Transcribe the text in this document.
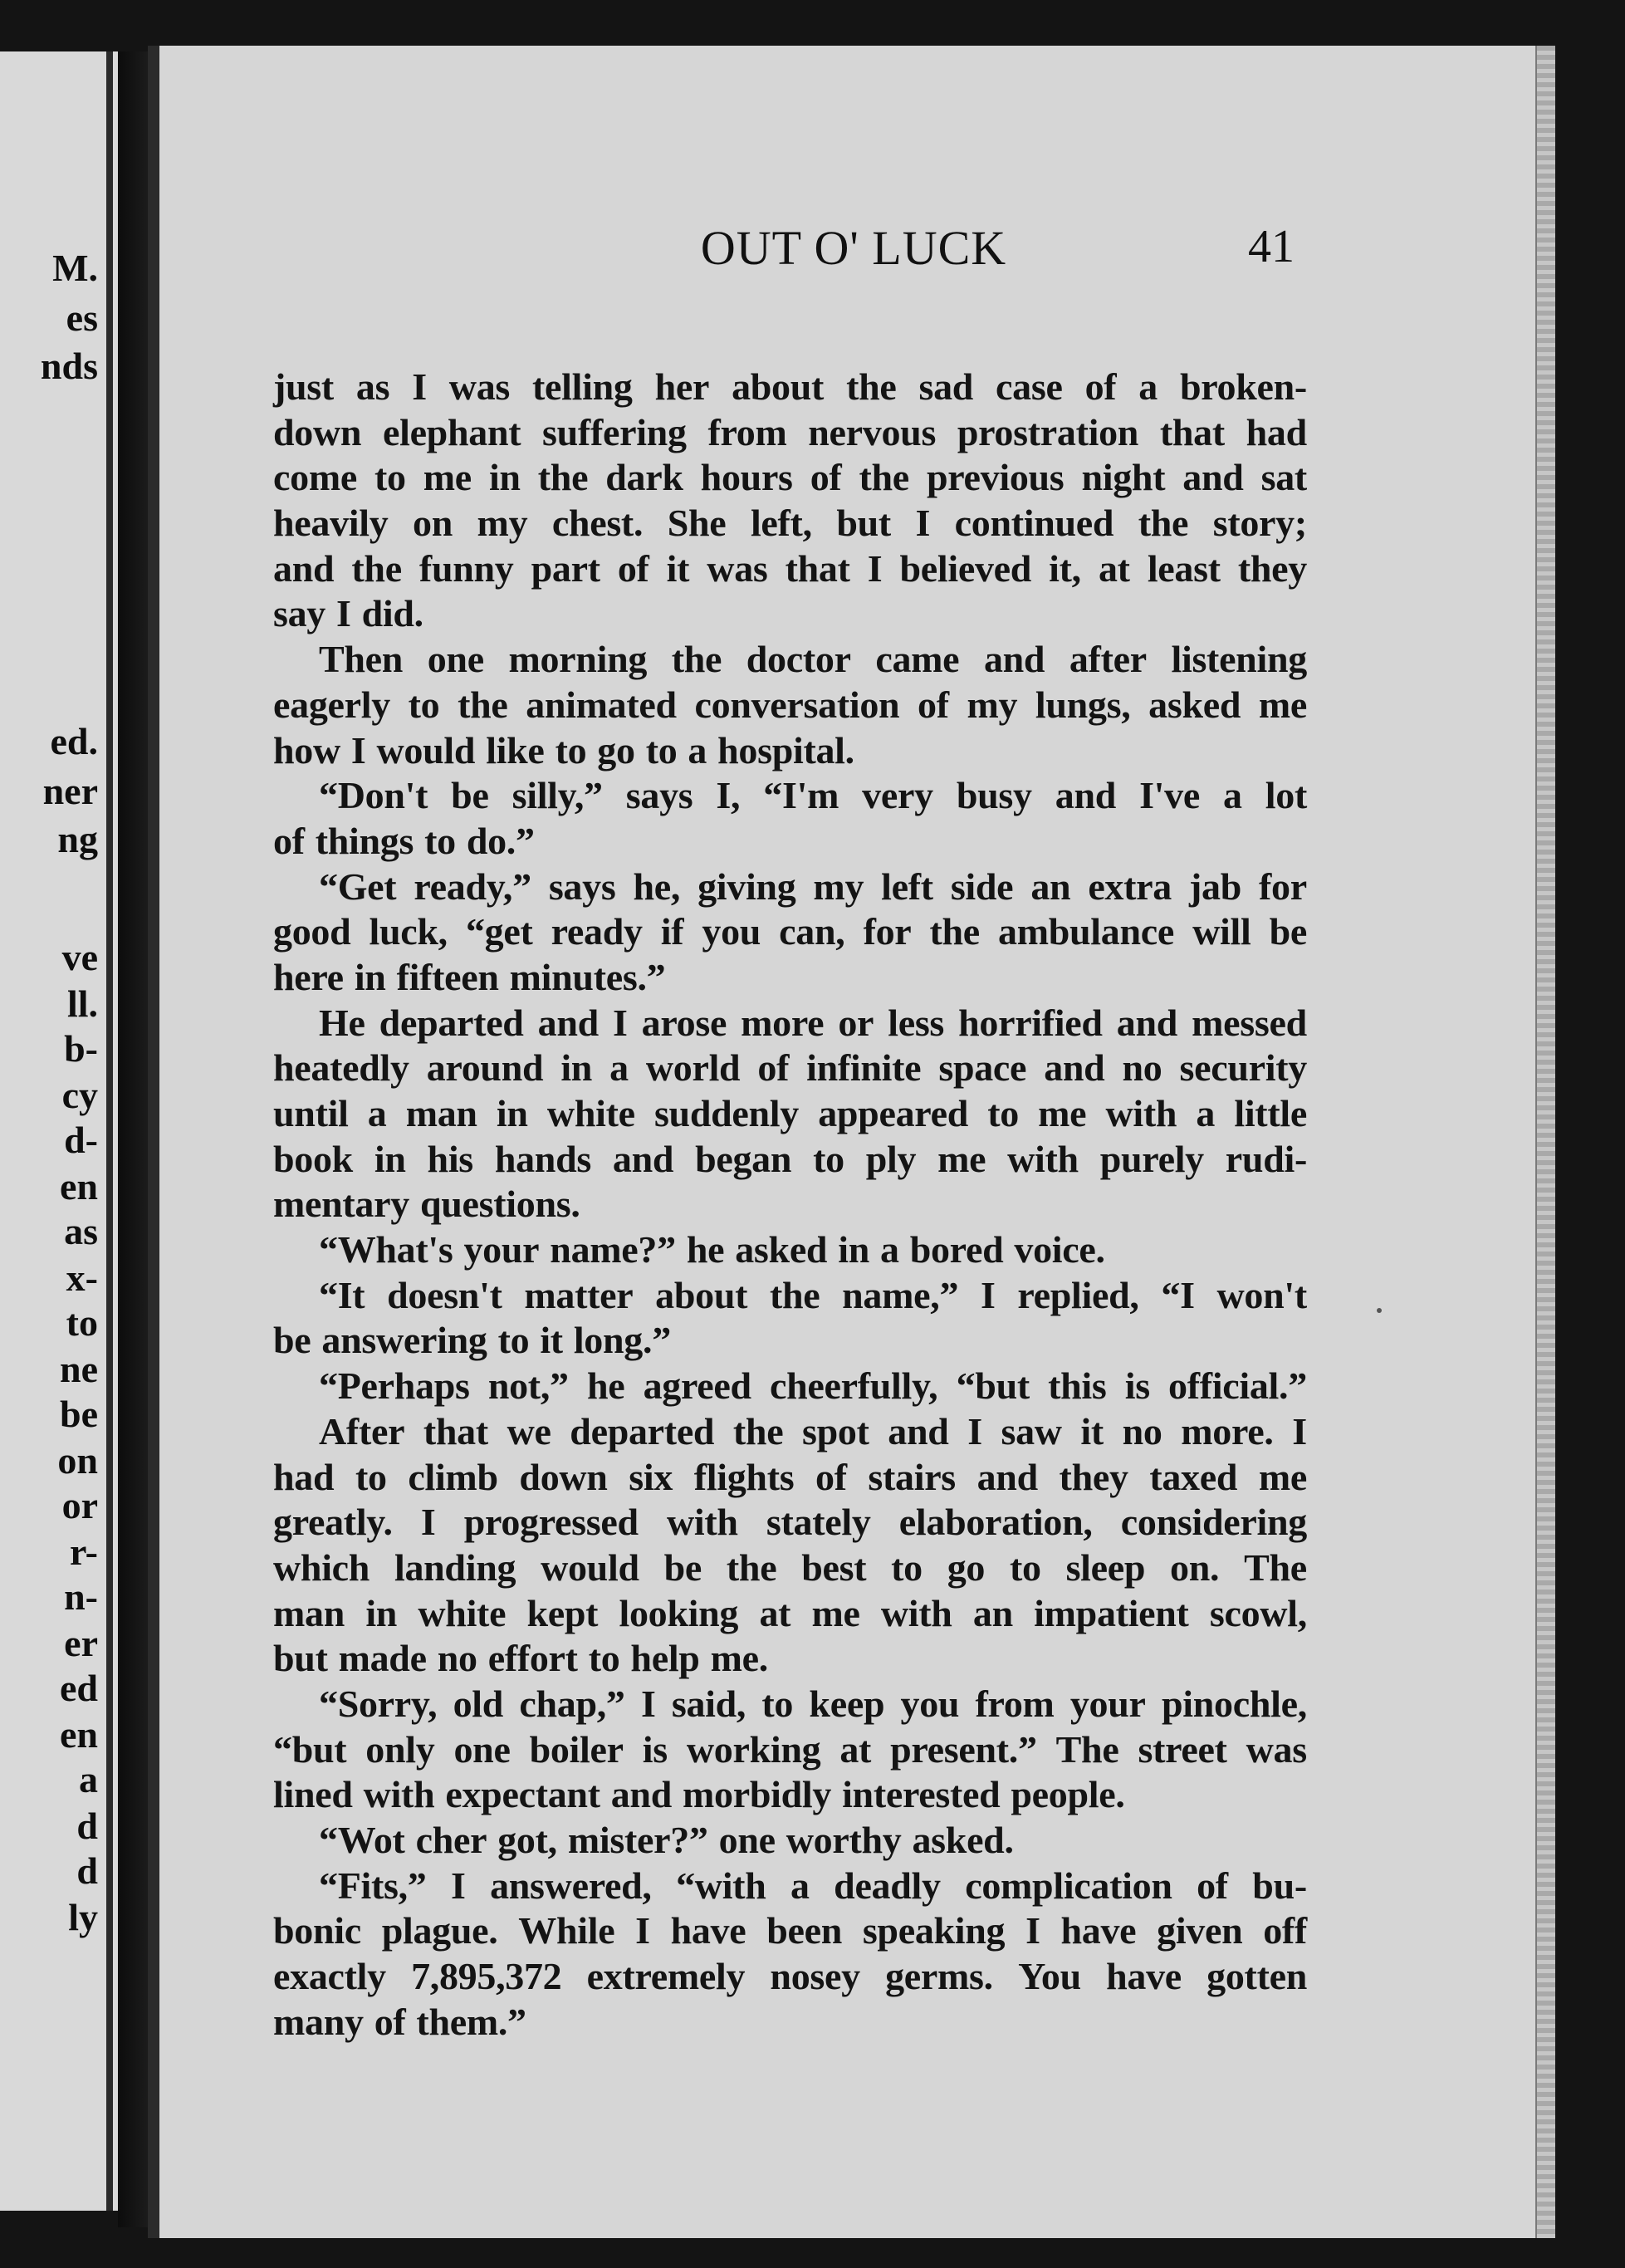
M.
es
nds
ed.
ner
ng
ve
ll.
b-
cy
d-
en
as
x-
to
ne
be
on
or
r-
n-
er
ed
en
a
d
d
ly
OUT O' LUCK	41
just as I was telling her about the sad case of a broken-
down elephant suffering from nervous prostration that had
come to me in the dark hours of the previous night and sat
heavily on my chest. She left, but I continued the story;
and the funny part of it was that I believed it, at least they
say I did.
Then one morning the doctor came and after listening
eagerly to the animated conversation of my lungs, asked me
how I would like to go to a hospital.
“Don't be silly,” says I, “I'm very busy and I've a lot
of things to do.”
“Get ready,” says he, giving my left side an extra jab for
good luck, “get ready if you can, for the ambulance will be
here in fifteen minutes.”
He departed and I arose more or less horrified and messed
heatedly around in a world of infinite space and no security
until a man in white suddenly appeared to me with a little
book in his hands and began to ply me with purely rudi-
mentary questions.
“What's your name?” he asked in a bored voice.
“It doesn't matter about the name,” I replied, “I won't
be answering to it long.”
“Perhaps not,” he agreed cheerfully, “but this is official.”
After that we departed the spot and I saw it no more. I
had to climb down six flights of stairs and they taxed me
greatly. I progressed with stately elaboration, considering
which landing would be the best to go to sleep on. The
man in white kept looking at me with an impatient scowl,
but made no effort to help me.
“Sorry, old chap,” I said, to keep you from your pinochle,
“but only one boiler is working at present.” The street was
lined with expectant and morbidly interested people.
“Wot cher got, mister?” one worthy asked.
“Fits,” I answered, “with a deadly complication of bu-
bonic plague. While I have been speaking I have given off
exactly 7,895,372 extremely nosey germs. You have gotten
many of them.”
